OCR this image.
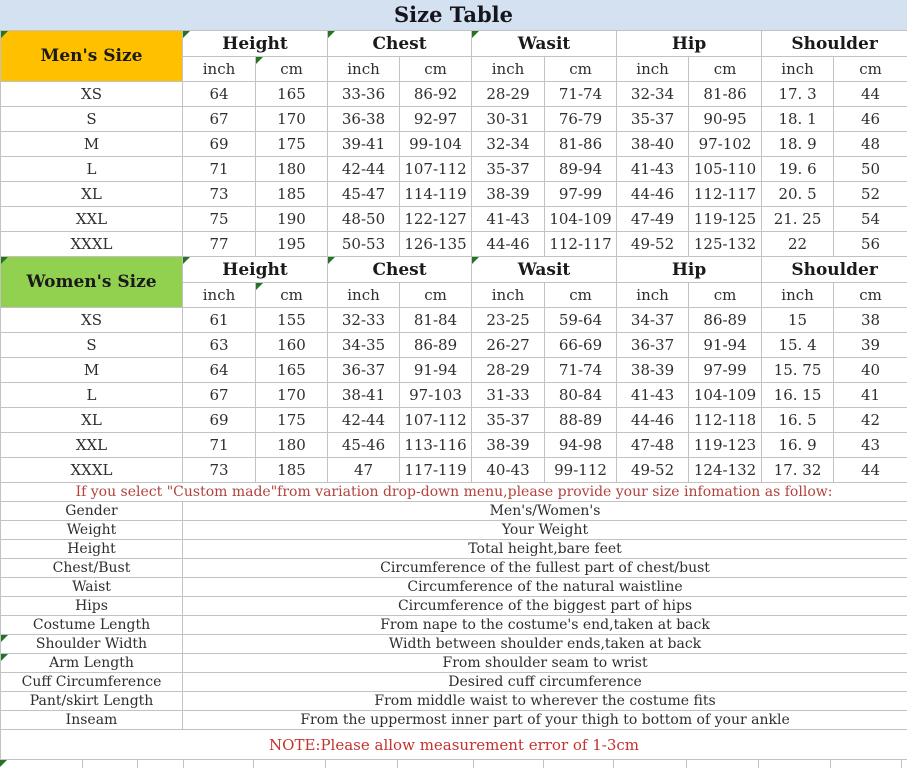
Size Table
Men's Size	Height		Chest		Wasit		Hip		Shoulder	
	inch	cm	inch	cm	inch	cm	inch	cm	inch	cm
XS	64	165	33-36	86-92	28-29	71-74	32-34	81-86	17. 3	44
S	67	170	36-38	92-97	30-31	76-79	35-37	90-95	18. 1	46
M	69	175	39-41	99-104	32-34	81-86	38-40	97-102	18. 9	48
L	71	180	42-44	107-112	35-37	89-94	41-43	105-110	19. 6	50
XL	73	185	45-47	114-119	38-39	97-99	44-46	112-117	20. 5	52
XXL	75	190	48-50	122-127	41-43	104-109	47-49	119-125	21. 25	54
XXXL	77	195	50-53	126-135	44-46	112-117	49-52	125-132	22	56
Women's Size	Height		Chest		Wasit		Hip		Shoulder	
	inch	cm	inch	cm	inch	cm	inch	cm	inch	cm
XS	61	155	32-33	81-84	23-25	59-64	34-37	86-89	15	38
S	63	160	34-35	86-89	26-27	66-69	36-37	91-94	15. 4	39
M	64	165	36-37	91-94	28-29	71-74	38-39	97-99	15. 75	40
L	67	170	38-41	97-103	31-33	80-84	41-43	104-109	16. 15	41
XL	69	175	42-44	107-112	35-37	88-89	44-46	112-118	16. 5	42
XXL	71	180	45-46	113-116	38-39	94-98	47-48	119-123	16. 9	43
XXXL	73	185	47	117-119	40-43	99-112	49-52	124-132	17. 32	44
If you select "Custom made"from variation drop-down menu,please provide your size infomation as follow:										
Gender	Men's/Women's									
Weight	Your Weight									
Height	Total height,bare feet									
Chest/Bust	Circumference of the fullest part of chest/bust									
Waist	Circumference of the natural waistline									
Hips	Circumference of the biggest part of hips									
Costume Length	From nape to the costume's end,taken at back									
Shoulder Width	Width between shoulder ends,taken at back									
Arm Length	From shoulder seam to wrist									
Cuff Circumference	Desired cuff circumference									
Pant/skirt Length	From middle waist to wherever the costume fits									
Inseam	From the uppermost inner part of your thigh to bottom of your ankle									
NOTE:Please allow measurement error of 1-3cm										
